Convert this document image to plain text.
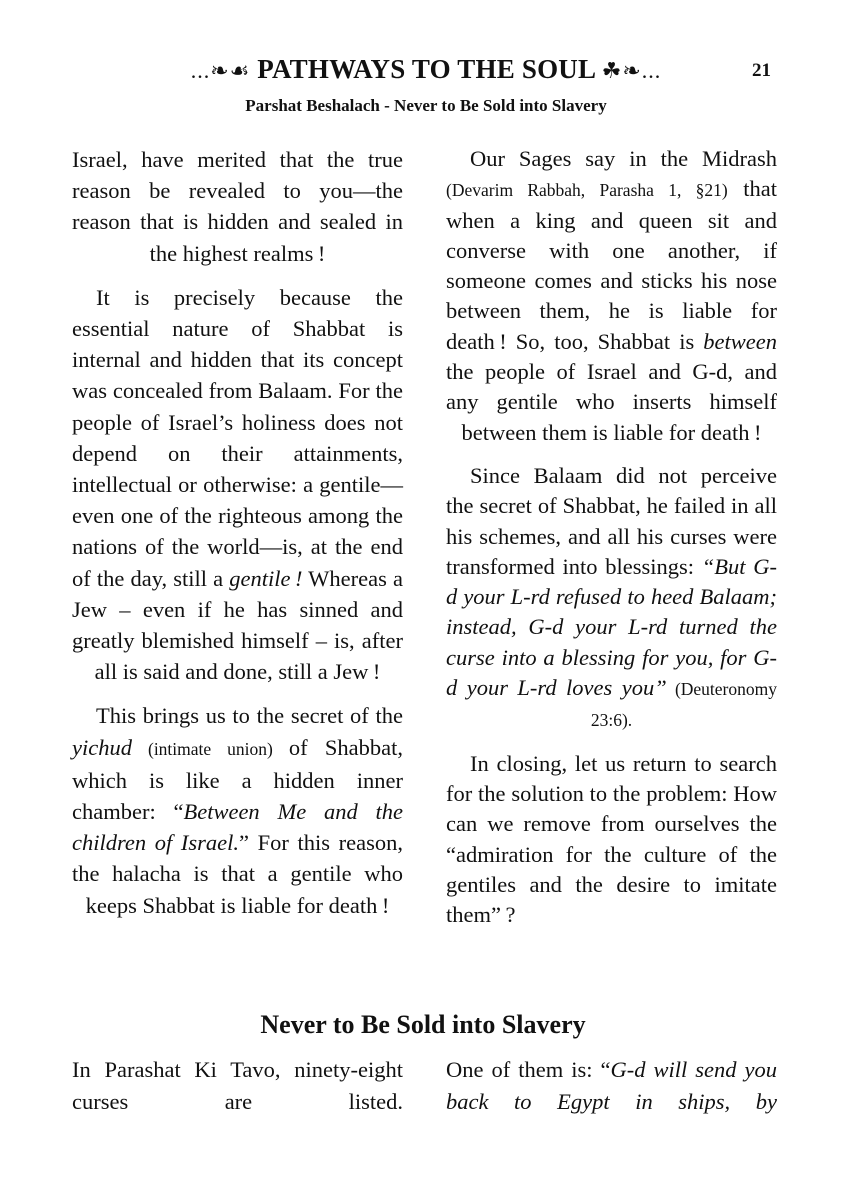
...❧☙ PATHWAYS TO THE SOUL ☘❧...	21
Parshat Beshalach - Never to Be Sold into Slavery

Israel, have merited that the true reason be revealed to you—the reason that is hidden and sealed in the highest realms !

It is precisely because the essential nature of Shabbat is internal and hidden that its concept was concealed from Balaam. For the people of Israel’s holiness does not depend on their attainments, intellectual or otherwise: a gentile—even one of the righteous among the nations of the world—is, at the end of the day, still a gentile ! Whereas a Jew – even if he has sinned and greatly blemished himself – is, after all is said and done, still a Jew !

This brings us to the secret of the yichud (intimate union) of Shabbat, which is like a hidden inner chamber: “Between Me and the children of Israel.” For this reason, the halacha is that a gentile who keeps Shabbat is liable for death !

Our Sages say in the Midrash (Devarim Rabbah, Parasha 1, §21) that when a king and queen sit and converse with one another, if someone comes and sticks his nose between them, he is liable for death ! So, too, Shabbat is between the people of Israel and G-d, and any gentile who inserts himself between them is liable for death !

Since Balaam did not perceive the secret of Shabbat, he failed in all his schemes, and all his curses were transformed into blessings: “But G-d your L-rd refused to heed Balaam; instead, G-d your L-rd turned the curse into a blessing for you, for G-d your L-rd loves you” (Deuteronomy 23:6).

In closing, let us return to search for the solution to the problem: How can we remove from ourselves the “admiration for the culture of the gentiles and the desire to imitate them” ?

Never to Be Sold into Slavery

In Parashat Ki Tavo, ninety-eight curses are listed.

One of them is: “G-d will send you back to Egypt in ships, by
